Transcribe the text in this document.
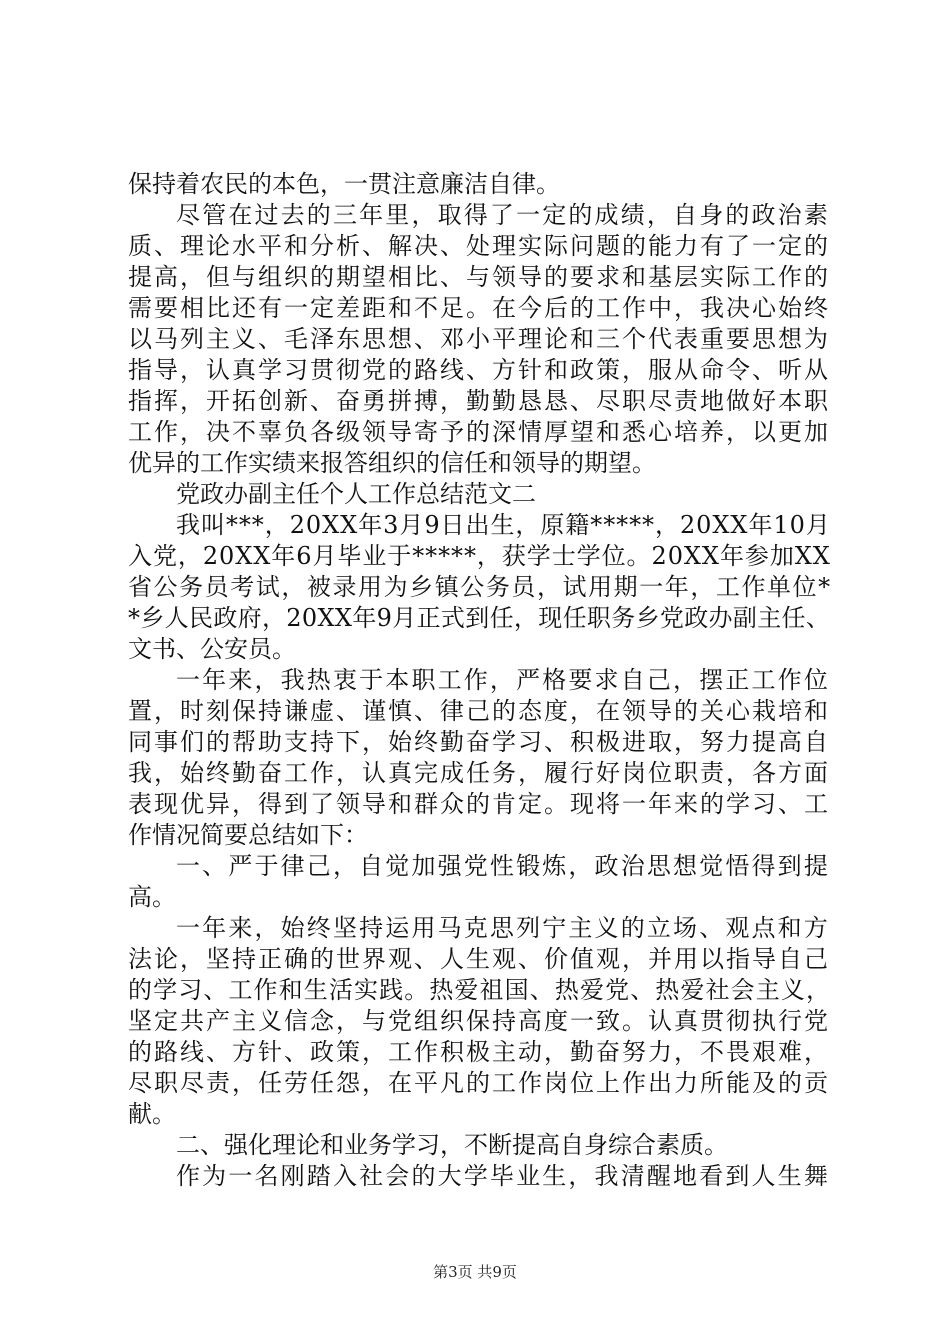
保持着农民的本色，一贯注意廉洁自律。
尽管在过去的三年里，取得了一定的成绩，自身的政治素
质、理论水平和分析、解决、处理实际问题的能力有了一定的
提高，但与组织的期望相比、与领导的要求和基层实际工作的
需要相比还有一定差距和不足。在今后的工作中，我决心始终
以马列主义、毛泽东思想、邓小平理论和三个代表重要思想为
指导，认真学习贯彻党的路线、方针和政策，服从命令、听从
指挥，开拓创新、奋勇拼搏，勤勤恳恳、尽职尽责地做好本职
工作，决不辜负各级领导寄予的深情厚望和悉心培养，以更加
优异的工作实绩来报答组织的信任和领导的期望。
党政办副主任个人工作总结范文二
我叫***，20XX年3月9日出生，原籍*****，20XX年10月
入党，20XX年6月毕业于*****，获学士学位。20XX年参加XX
省公务员考试，被录用为乡镇公务员，试用期一年，工作单位*
*乡人民政府，20XX年9月正式到任，现任职务乡党政办副主任、
文书、公安员。
一年来，我热衷于本职工作，严格要求自己，摆正工作位
置，时刻保持谦虚、谨慎、律己的态度，在领导的关心栽培和
同事们的帮助支持下，始终勤奋学习、积极进取，努力提高自
我，始终勤奋工作，认真完成任务，履行好岗位职责，各方面
表现优异，得到了领导和群众的肯定。现将一年来的学习、工
作情况简要总结如下：
一、严于律己，自觉加强党性锻炼，政治思想觉悟得到提
高。
一年来，始终坚持运用马克思列宁主义的立场、观点和方
法论，坚持正确的世界观、人生观、价值观，并用以指导自己
的学习、工作和生活实践。热爱祖国、热爱党、热爱社会主义，
坚定共产主义信念，与党组织保持高度一致。认真贯彻执行党
的路线、方针、政策，工作积极主动，勤奋努力，不畏艰难，
尽职尽责，任劳任怨，在平凡的工作岗位上作出力所能及的贡
献。
二、强化理论和业务学习，不断提高自身综合素质。
作为一名刚踏入社会的大学毕业生，我清醒地看到人生舞
第3页 共9页
